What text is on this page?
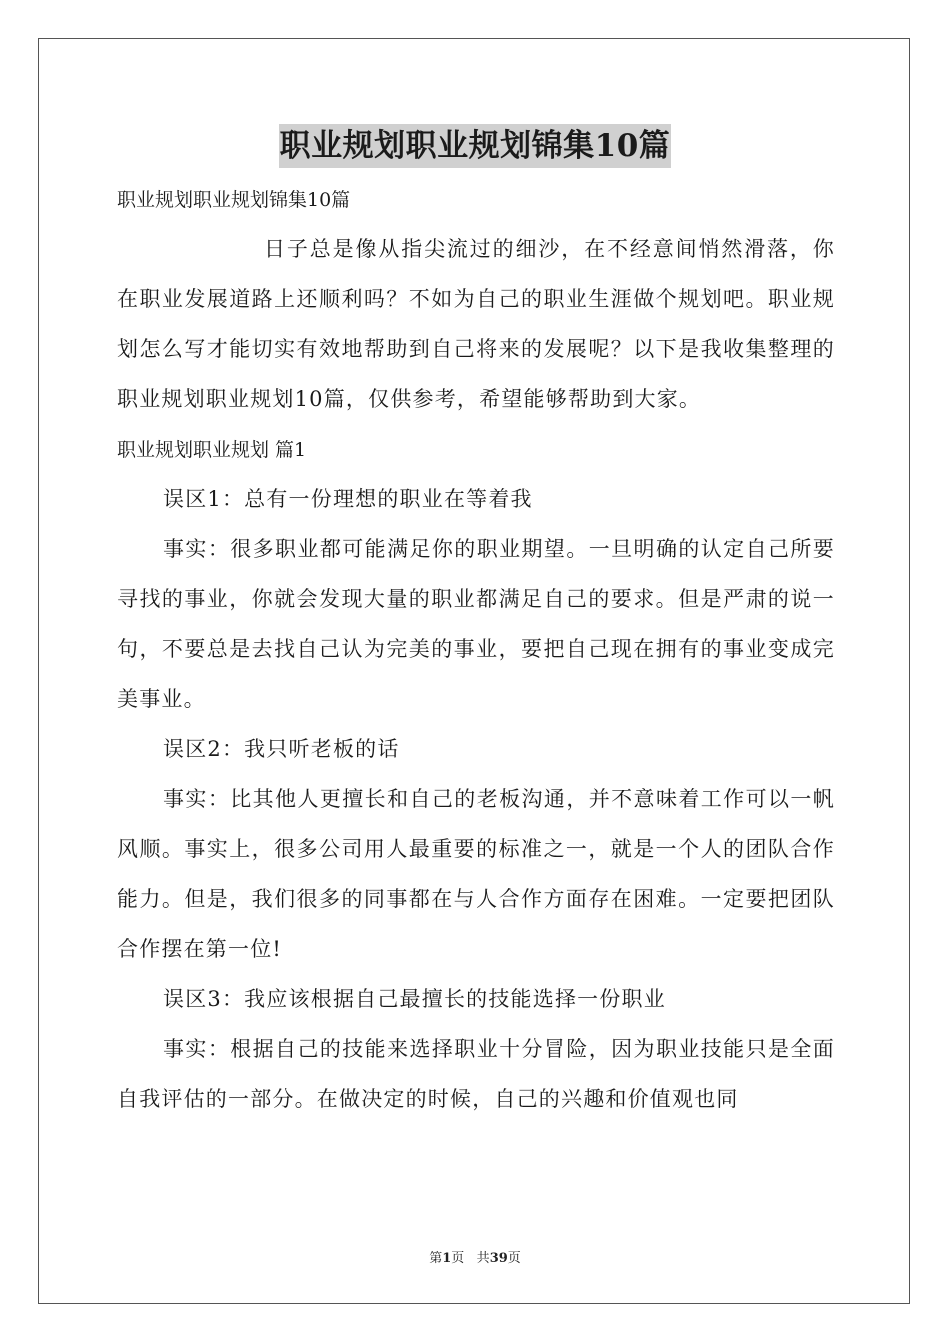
职业规划职业规划锦集10篇

职业规划职业规划锦集10篇

日子总是像从指尖流过的细沙，在不经意间悄然滑落，你在职业发展道路上还顺利吗？不如为自己的职业生涯做个规划吧。职业规划怎么写才能切实有效地帮助到自己将来的发展呢？以下是我收集整理的职业规划职业规划10篇，仅供参考，希望能够帮助到大家。

职业规划职业规划 篇1

误区1：总有一份理想的职业在等着我

事实：很多职业都可能满足你的职业期望。一旦明确的认定自己所要寻找的事业，你就会发现大量的职业都满足自己的要求。但是严肃的说一句，不要总是去找自己认为完美的事业，要把自己现在拥有的事业变成完美事业。

误区2：我只听老板的话

事实：比其他人更擅长和自己的老板沟通，并不意味着工作可以一帆风顺。事实上，很多公司用人最重要的标准之一，就是一个人的团队合作能力。但是，我们很多的同事都在与人合作方面存在困难。一定要把团队合作摆在第一位!

误区3：我应该根据自己最擅长的技能选择一份职业

事实：根据自己的技能来选择职业十分冒险，因为职业技能只是全面自我评估的一部分。在做决定的时候，自己的兴趣和价值观也同

第1页 共39页
